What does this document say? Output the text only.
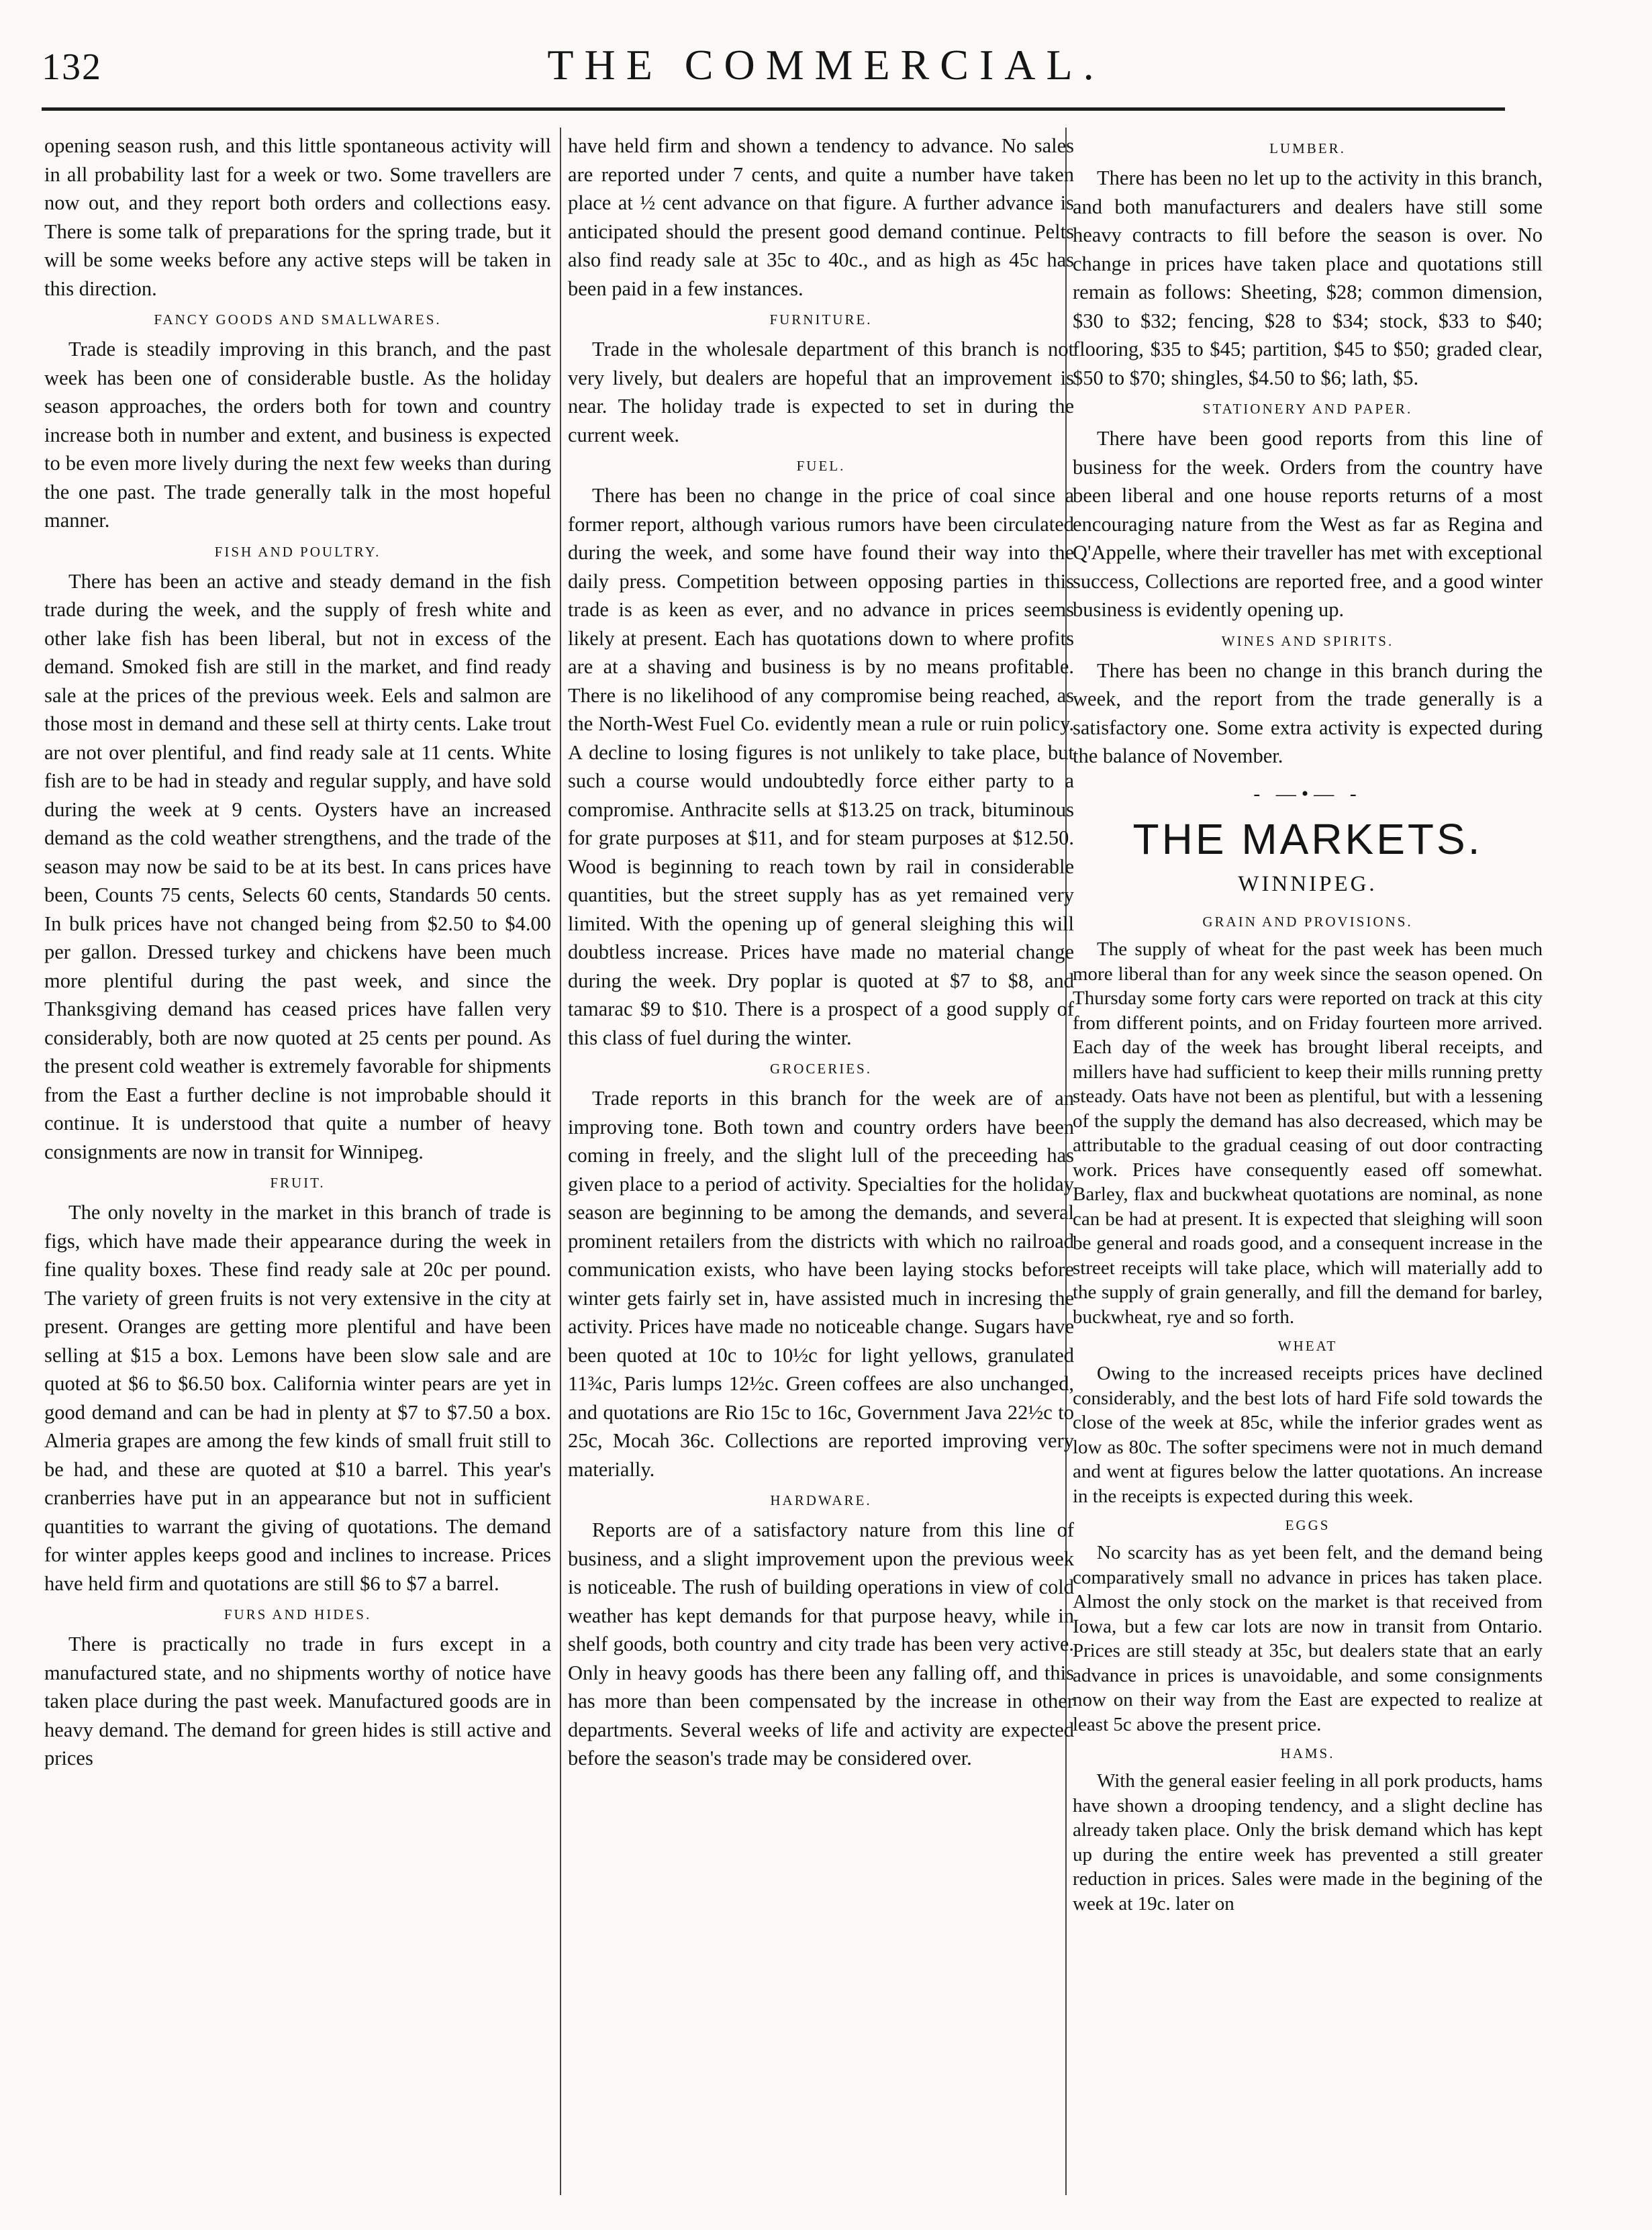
132	THE COMMERCIAL.

opening season rush, and this little spontaneous activity will in all probability last for a week or two. Some travellers are now out, and they report both orders and collections easy. There is some talk of preparations for the spring trade, but it will be some weeks before any active steps will be taken in this direction.

FANCY GOODS AND SMALLWARES.

Trade is steadily improving in this branch, and the past week has been one of considerable bustle. As the holiday season approaches, the orders both for town and country increase both in number and extent, and business is expected to be even more lively during the next few weeks than during the one past. The trade generally talk in the most hopeful manner.

FISH AND POULTRY.

There has been an active and steady demand in the fish trade during the week, and the supply of fresh white and other lake fish has been liberal, but not in excess of the demand. Smoked fish are still in the market, and find ready sale at the prices of the previous week. Eels and salmon are those most in demand and these sell at thirty cents. Lake trout are not over plentiful, and find ready sale at 11 cents. White fish are to be had in steady and regular supply, and have sold during the week at 9 cents. Oysters have an increased demand as the cold weather strengthens, and the trade of the season may now be said to be at its best. In cans prices have been, Counts 75 cents, Selects 60 cents, Standards 50 cents. In bulk prices have not changed being from $2.50 to $4.00 per gallon. Dressed turkey and chickens have been much more plentiful during the past week, and since the Thanksgiving demand has ceased prices have fallen very considerably, both are now quoted at 25 cents per pound. As the present cold weather is extremely favorable for shipments from the East a further decline is not improbable should it continue. It is understood that quite a number of heavy consignments are now in transit for Winnipeg.

FRUIT.

The only novelty in the market in this branch of trade is figs, which have made their appearance during the week in fine quality boxes. These find ready sale at 20c per pound. The variety of green fruits is not very extensive in the city at present. Oranges are getting more plentiful and have been selling at $15 a box. Lemons have been slow sale and are quoted at $6 to $6.50 box. California winter pears are yet in good demand and can be had in plenty at $7 to $7.50 a box. Almeria grapes are among the few kinds of small fruit still to be had, and these are quoted at $10 a barrel. This year's cranberries have put in an appearance but not in sufficient quantities to warrant the giving of quotations. The demand for winter apples keeps good and inclines to increase. Prices have held firm and quotations are still $6 to $7 a barrel.

FURS AND HIDES.

There is practically no trade in furs except in a manufactured state, and no shipments worthy of notice have taken place during the past week. Manufactured goods are in heavy demand. The demand for green hides is still active and prices

have held firm and shown a tendency to advance. No sales are reported under 7 cents, and quite a number have taken place at ½ cent advance on that figure. A further advance is anticipated should the present good demand continue. Pelts also find ready sale at 35c to 40c., and as high as 45c has been paid in a few instances.

FURNITURE.

Trade in the wholesale department of this branch is not very lively, but dealers are hopeful that an improvement is near. The holiday trade is expected to set in during the current week.

FUEL.

There has been no change in the price of coal since a former report, although various rumors have been circulated during the week, and some have found their way into the daily press. Competition between opposing parties in this trade is as keen as ever, and no advance in prices seems likely at present. Each has quotations down to where profits are at a shaving and business is by no means profitable. There is no likelihood of any compromise being reached, as the North-West Fuel Co. evidently mean a rule or ruin policy. A decline to losing figures is not unlikely to take place, but such a course would undoubtedly force either party to a compromise. Anthracite sells at $13.25 on track, bituminous for grate purposes at $11, and for steam purposes at $12.50. Wood is beginning to reach town by rail in considerable quantities, but the street supply has as yet remained very limited. With the opening up of general sleighing this will doubtless increase. Prices have made no material change during the week. Dry poplar is quoted at $7 to $8, and tamarac $9 to $10. There is a prospect of a good supply of this class of fuel during the winter.

GROCERIES.

Trade reports in this branch for the week are of an improving tone. Both town and country orders have been coming in freely, and the slight lull of the preceeding has given place to a period of activity. Specialties for the holiday season are beginning to be among the demands, and several prominent retailers from the districts with which no railroad communication exists, who have been laying stocks before winter gets fairly set in, have assisted much in incresing the activity. Prices have made no noticeable change. Sugars have been quoted at 10c to 10½c for light yellows, granulated 11¾c, Paris lumps 12½c. Green coffees are also unchanged, and quotations are Rio 15c to 16c, Government Java 22½c to 25c, Mocah 36c. Collections are reported improving very materially.

HARDWARE.

Reports are of a satisfactory nature from this line of business, and a slight improvement upon the previous week is noticeable. The rush of building operations in view of cold weather has kept demands for that purpose heavy, while in shelf goods, both country and city trade has been very active. Only in heavy goods has there been any falling off, and this has more than been compensated by the increase in other departments. Several weeks of life and activity are expected before the season's trade may be considered over.

LUMBER.

There has been no let up to the activity in this branch, and both manufacturers and dealers have still some heavy contracts to fill before the season is over. No change in prices have taken place and quotations still remain as follows: Sheeting, $28; common dimension, $30 to $32; fencing, $28 to $34; stock, $33 to $40; flooring, $35 to $45; partition, $45 to $50; graded clear, $50 to $70; shingles, $4.50 to $6; lath, $5.

STATIONERY AND PAPER.

There have been good reports from this line of business for the week. Orders from the country have been liberal and one house reports returns of a most encouraging nature from the West as far as Regina and Q'Appelle, where their traveller has met with exceptional success, Collections are reported free, and a good winter business is evidently opening up.

WINES AND SPIRITS.

There has been no change in this branch during the week, and the report from the trade generally is a satisfactory one. Some extra activity is expected during the balance of November.

- —•— -
THE MARKETS.
WINNIPEG.
GRAIN AND PROVISIONS.

The supply of wheat for the past week has been much more liberal than for any week since the season opened. On Thursday some forty cars were reported on track at this city from different points, and on Friday fourteen more arrived. Each day of the week has brought liberal receipts, and millers have had sufficient to keep their mills running pretty steady. Oats have not been as plentiful, but with a lessening of the supply the demand has also decreased, which may be attributable to the gradual ceasing of out door contracting work. Prices have consequently eased off somewhat. Barley, flax and buckwheat quotations are nominal, as none can be had at present. It is expected that sleighing will soon be general and roads good, and a consequent increase in the street receipts will take place, which will materially add to the supply of grain generally, and fill the demand for barley, buckwheat, rye and so forth.

WHEAT

Owing to the increased receipts prices have declined considerably, and the best lots of hard Fife sold towards the close of the week at 85c, while the inferior grades went as low as 80c. The softer specimens were not in much demand and went at figures below the latter quotations. An increase in the receipts is expected during this week.

EGGS

No scarcity has as yet been felt, and the demand being comparatively small no advance in prices has taken place. Almost the only stock on the market is that received from Iowa, but a few car lots are now in transit from Ontario. Prices are still steady at 35c, but dealers state that an early advance in prices is unavoidable, and some consignments now on their way from the East are expected to realize at least 5c above the present price.

HAMS.

With the general easier feeling in all pork products, hams have shown a drooping tendency, and a slight decline has already taken place. Only the brisk demand which has kept up during the entire week has prevented a still greater reduction in prices. Sales were made in the begining of the week at 19c. later on
